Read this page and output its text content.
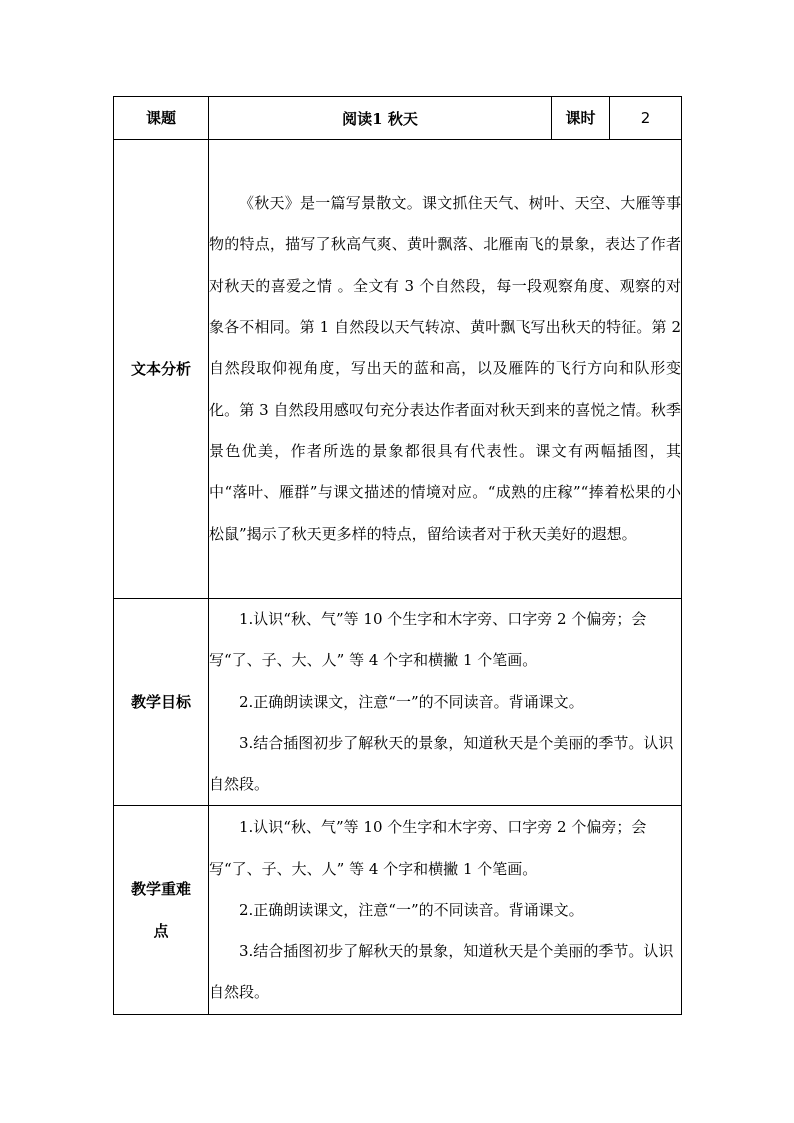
课题	阅读1 秋天	课时	2
文本分析	《秋天》是一篇写景散文。课文抓住天气、树叶、天空、大雁等事物的特点，描写了秋高气爽、黄叶飘落、北雁南飞的景象，表达了作者对秋天的喜爱之情 。全文有 3 个自然段，每一段观察角度、观察的对象各不相同。第 1 自然段以天气转凉、黄叶飘飞写出秋天的特征。第 2 自然段取仰视角度，写出天的蓝和高，以及雁阵的飞行方向和队形变化。第 3 自然段用感叹句充分表达作者面对秋天到来的喜悦之情。秋季景色优美，作者所选的景象都很具有代表性。课文有两幅插图，其中“落叶、雁群”与课文描述的情境对应。“成熟的庄稼”“捧着松果的小松鼠”揭示了秋天更多样的特点，留给读者对于秋天美好的遐想。		

教学目标	1.认识“秋、气”等 10 个生字和木字旁、口字旁 2 个偏旁；会写“了、子、大、人” 等 4 个字和横撇 1 个笔画。

2.正确朗读课文，注意“一”的不同读音。背诵课文。

3.结合插图初步了解秋天的景象，知道秋天是个美丽的季节。认识自然段。		

教学重难点	1.认识“秋、气”等 10 个生字和木字旁、口字旁 2 个偏旁；会写“了、子、大、人” 等 4 个字和横撇 1 个笔画。

2.正确朗读课文，注意“一”的不同读音。背诵课文。

3.结合插图初步了解秋天的景象，知道秋天是个美丽的季节。认识自然段。		
